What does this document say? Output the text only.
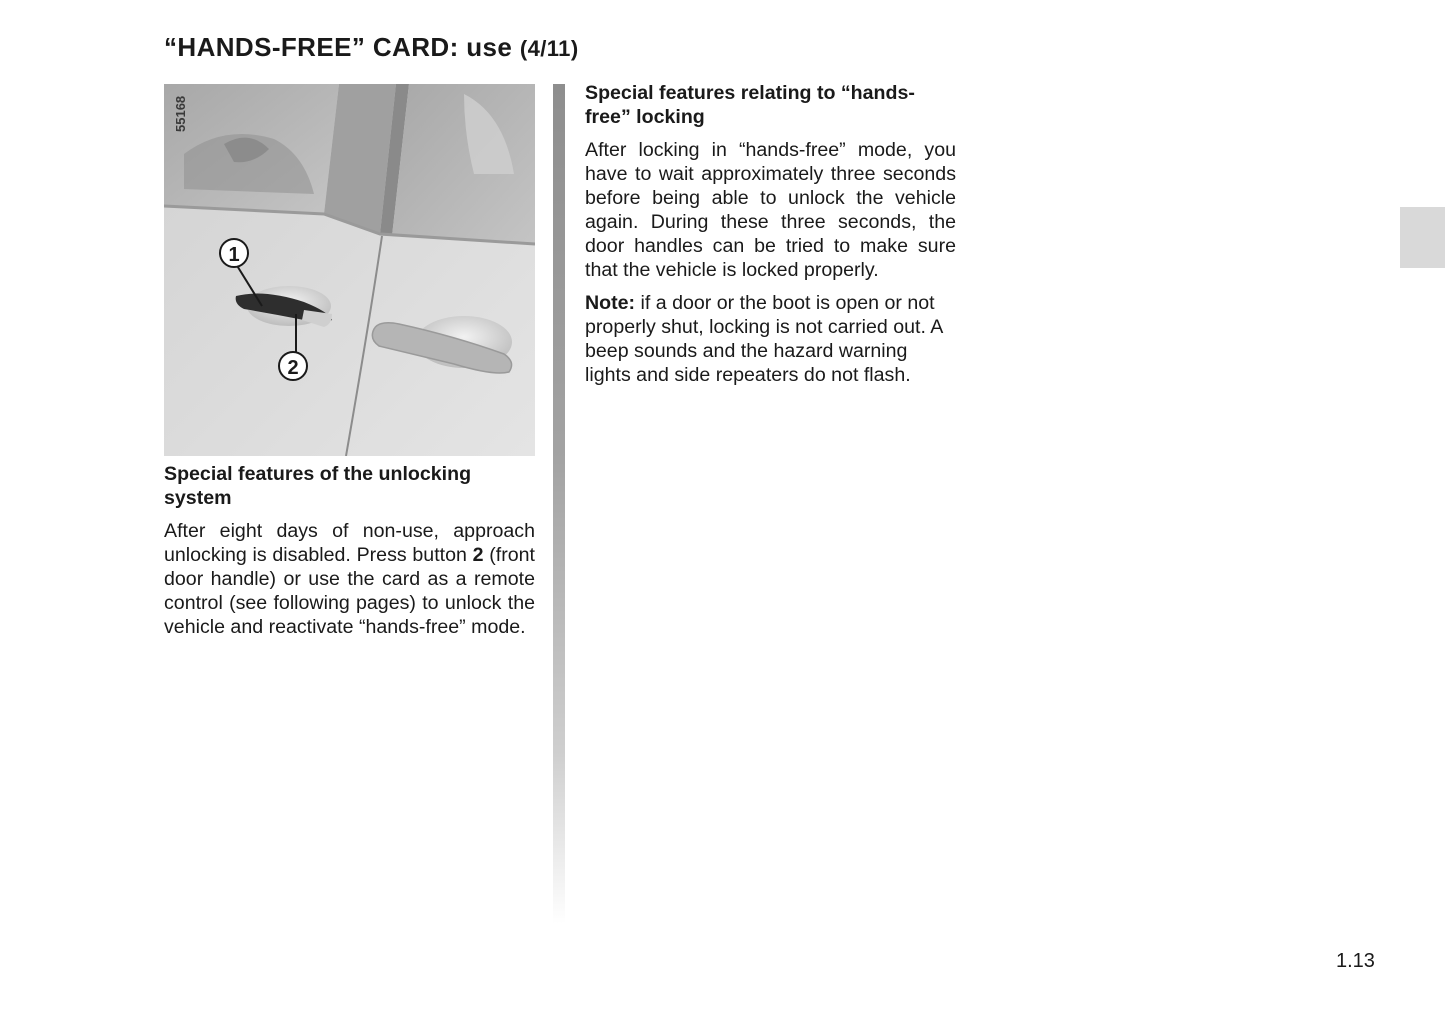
“HANDS-FREE” CARD: use (4/11)
1
2
55168
Special features of the unlocking system
After eight days of non-use, approach unlocking is disabled. Press button 2 (front door handle) or use the card as a remote control (see following pages) to unlock the vehicle and reactivate “hands-free” mode.
Special features relating to “hands-free” locking
After locking in “hands-free” mode, you have to wait approximately three seconds before being able to unlock the vehicle again. During these three seconds, the door handles can be tried to make sure that the vehicle is locked properly.
Note: if a door or the boot is open or not properly shut, locking is not carried out. A beep sounds and the hazard warning lights and side repeaters do not flash.
1.13
